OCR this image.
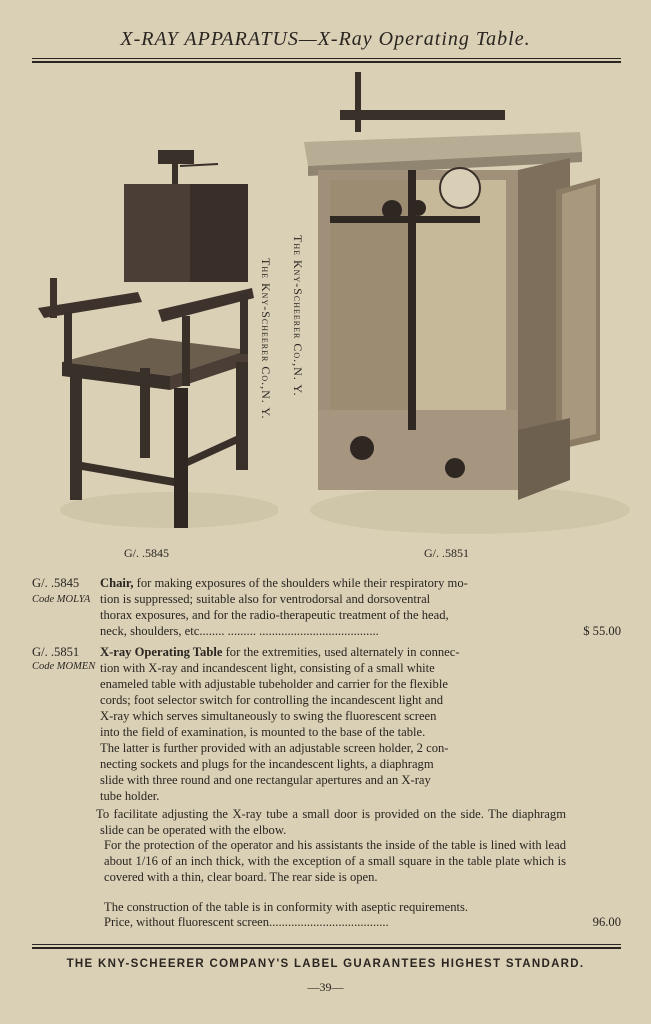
X-RAY APPARATUS—X-Ray Operating Table.
The Kny-Scheerer Co.,N. Y. The Kny-Scheerer Co.,N. Y.
G/. .5845	G/. .5851
G/. .5845
Code MOLYA
Chair, for making exposures of the shoulders while their respiratory mo-
tion is suppressed; suitable also for ventrodorsal and dorsoventral
thorax exposures, and for the radio-therapeutic treatment of the head,
neck, shoulders, etc........ ......... ......................................	$ 55.00
G/. .5851
Code MOMEN
X-ray Operating Table for the extremities, used alternately in connec-
tion with X-ray and incandescent light, consisting of a small white
enameled table with adjustable tubeholder and carrier for the flexible
cords; foot selector switch for controlling the incandescent light and
X-ray which serves simultaneously to swing the fluorescent screen
into the field of examination, is mounted to the base of the table.
The latter is further provided with an adjustable screen holder, 2 con-
necting sockets and plugs for the incandescent lights, a diaphragm
slide with three round and one rectangular apertures and an X-ray
tube holder.
To facilitate adjusting the X-ray tube a small door is provided on the side. The diaphragm slide can be operated with the elbow.
For the protection of the operator and his assistants the inside of the table is lined with lead about 1/16 of an inch thick, with the exception of a small square in the table plate which is covered with a thin, clear board. The rear side is open.
The construction of the table is in conformity with aseptic requirements.
Price, without fluorescent screen......................................	96.00
THE KNY-SCHEERER COMPANY'S LABEL GUARANTEES HIGHEST STANDARD.
—39—
